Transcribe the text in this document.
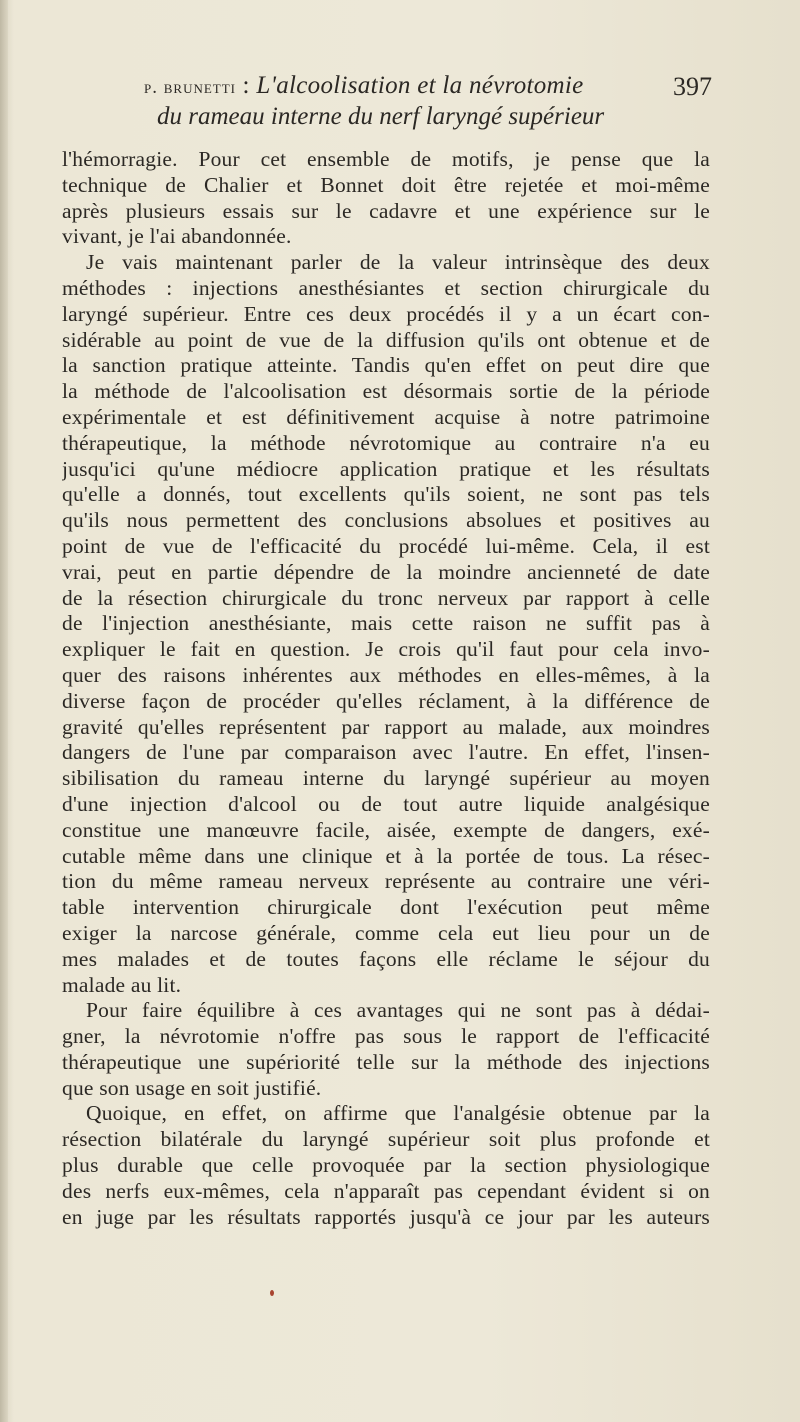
p. brunetti : L'alcoolisation et la névrotomie
du rameau interne du nerf laryngé supérieur
397
l'hémorragie. Pour cet ensemble de motifs, je pense que la
technique de Chalier et Bonnet doit être rejetée et moi-même
après plusieurs essais sur le cadavre et une expérience sur le
vivant, je l'ai abandonnée.
Je vais maintenant parler de la valeur intrinsèque des deux
méthodes : injections anesthésiantes et section chirurgicale du
laryngé supérieur. Entre ces deux procédés il y a un écart con-
sidérable au point de vue de la diffusion qu'ils ont obtenue et de
la sanction pratique atteinte. Tandis qu'en effet on peut dire que
la méthode de l'alcoolisation est désormais sortie de la période
expérimentale et est définitivement acquise à notre patrimoine
thérapeutique, la méthode névrotomique au contraire n'a eu
jusqu'ici qu'une médiocre application pratique et les résultats
qu'elle a donnés, tout excellents qu'ils soient, ne sont pas tels
qu'ils nous permettent des conclusions absolues et positives au
point de vue de l'efficacité du procédé lui-même. Cela, il est
vrai, peut en partie dépendre de la moindre ancienneté de date
de la résection chirurgicale du tronc nerveux par rapport à celle
de l'injection anesthésiante, mais cette raison ne suffit pas à
expliquer le fait en question. Je crois qu'il faut pour cela invo-
quer des raisons inhérentes aux méthodes en elles-mêmes, à la
diverse façon de procéder qu'elles réclament, à la différence de
gravité qu'elles représentent par rapport au malade, aux moindres
dangers de l'une par comparaison avec l'autre. En effet, l'insen-
sibilisation du rameau interne du laryngé supérieur au moyen
d'une injection d'alcool ou de tout autre liquide analgésique
constitue une manœuvre facile, aisée, exempte de dangers, exé-
cutable même dans une clinique et à la portée de tous. La résec-
tion du même rameau nerveux représente au contraire une véri-
table intervention chirurgicale dont l'exécution peut même
exiger la narcose générale, comme cela eut lieu pour un de
mes malades et de toutes façons elle réclame le séjour du
malade au lit.
Pour faire équilibre à ces avantages qui ne sont pas à dédai-
gner, la névrotomie n'offre pas sous le rapport de l'efficacité
thérapeutique une supériorité telle sur la méthode des injections
que son usage en soit justifié.
Quoique, en effet, on affirme que l'analgésie obtenue par la
résection bilatérale du laryngé supérieur soit plus profonde et
plus durable que celle provoquée par la section physiologique
des nerfs eux-mêmes, cela n'apparaît pas cependant évident si on
en juge par les résultats rapportés jusqu'à ce jour par les auteurs
